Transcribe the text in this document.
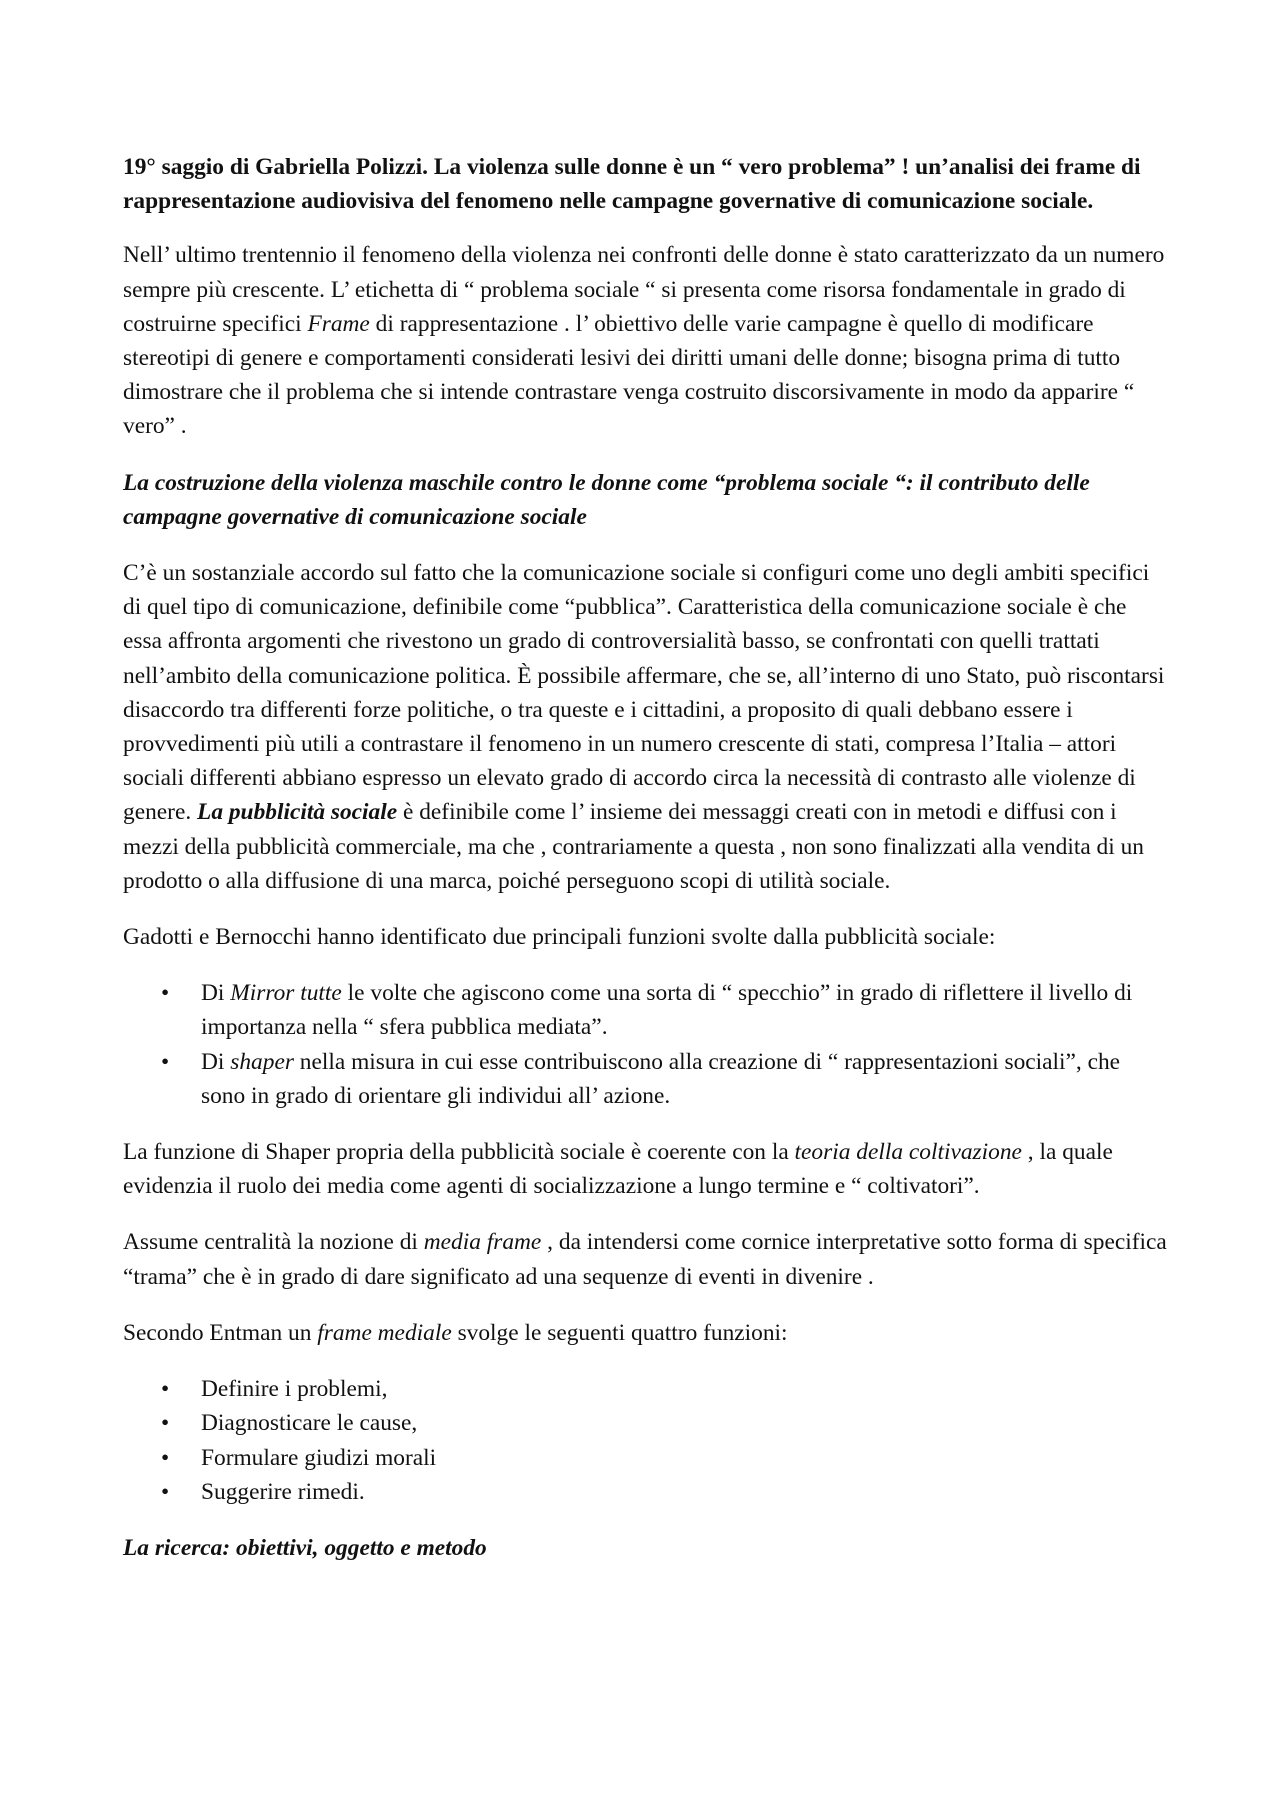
19° saggio di Gabriella Polizzi. La violenza sulle donne è un “ vero problema” ! un’analisi dei frame di rappresentazione audiovisiva del fenomeno nelle campagne governative di comunicazione sociale.

Nell’ ultimo trentennio il fenomeno della violenza nei confronti delle donne è stato caratterizzato da un numero sempre più crescente. L’ etichetta di “ problema sociale “ si presenta come risorsa fondamentale in grado di costruirne specifici Frame di rappresentazione . l’ obiettivo delle varie campagne è quello di modificare stereotipi di genere e comportamenti considerati lesivi dei diritti umani delle donne; bisogna prima di tutto dimostrare che il problema che si intende contrastare venga costruito discorsivamente in modo da apparire “ vero” .

La costruzione della violenza maschile contro le donne come “problema sociale “: il contributo delle campagne governative di comunicazione sociale

C’è un sostanziale accordo sul fatto che la comunicazione sociale si configuri come uno degli ambiti specifici di quel tipo di comunicazione, definibile come “pubblica”. Caratteristica della comunicazione sociale è che essa affronta argomenti che rivestono un grado di controversialità basso, se confrontati con quelli trattati nell’ambito della comunicazione politica. È possibile affermare, che se, all’interno di uno Stato, può riscontarsi disaccordo tra differenti forze politiche, o tra queste e i cittadini, a proposito di quali debbano essere i provvedimenti più utili a contrastare il fenomeno in un numero crescente di stati, compresa l’Italia – attori sociali differenti abbiano espresso un elevato grado di accordo circa la necessità di contrasto alle violenze di genere. La pubblicità sociale è definibile come l’ insieme dei messaggi creati con in metodi e diffusi con i mezzi della pubblicità commerciale, ma che , contrariamente a questa , non sono finalizzati alla vendita di un prodotto o alla diffusione di una marca, poiché perseguono scopi di utilità sociale.

Gadotti e Bernocchi hanno identificato due principali funzioni svolte dalla pubblicità sociale:

• Di Mirror tutte le volte che agiscono come una sorta di “ specchio” in grado di riflettere il livello di importanza nella “ sfera pubblica mediata”.
• Di shaper nella misura in cui esse contribuiscono alla creazione di “ rappresentazioni sociali”, che sono in grado di orientare gli individui all’ azione.

La funzione di Shaper propria della pubblicità sociale è coerente con la teoria della coltivazione , la quale evidenzia il ruolo dei media come agenti di socializzazione a lungo termine e “ coltivatori”.

Assume centralità la nozione di media frame , da intendersi come cornice interpretative sotto forma di specifica “trama” che è in grado di dare significato ad una sequenze di eventi in divenire .

Secondo Entman un frame mediale svolge le seguenti quattro funzioni:

• Definire i problemi,
• Diagnosticare le cause,
• Formulare giudizi morali
• Suggerire rimedi.

La ricerca: obiettivi, oggetto e metodo
